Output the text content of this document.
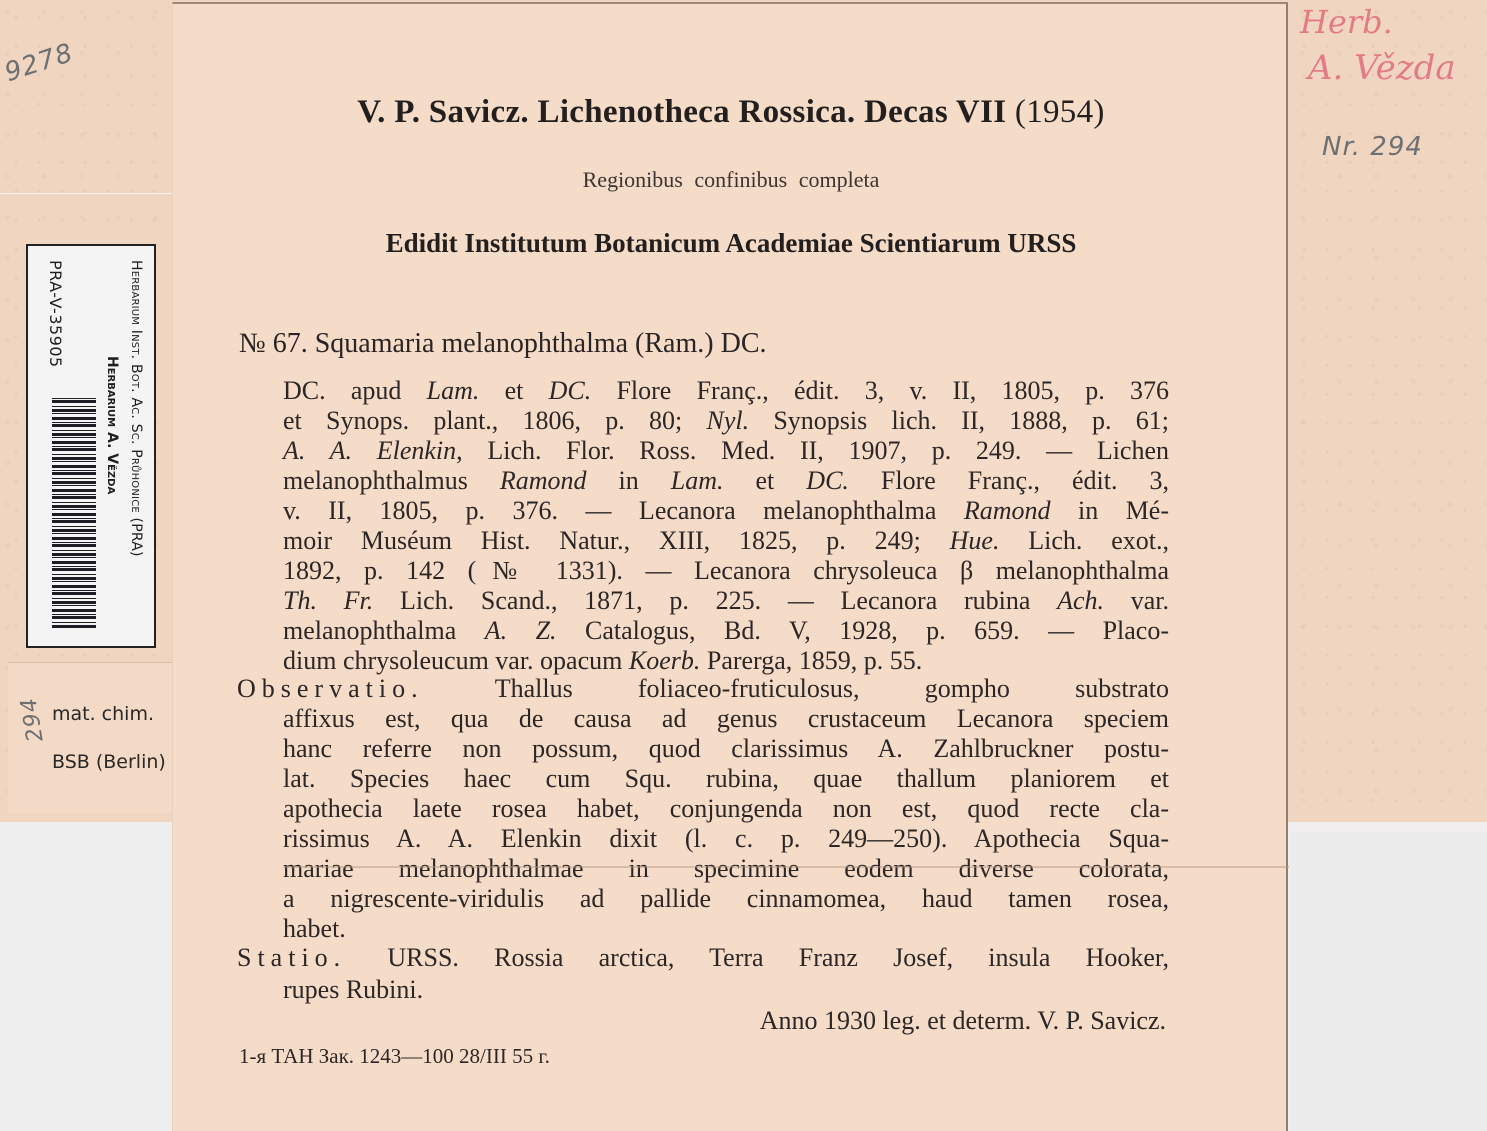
9278
Herb.
A. Vězda
Nr. 294
Herbarium Inst. Bot. Ac. Sc. Průhonice (PRA)
Herbarium A. Vězda
PRA-V-35905
294 mat. chim.
BSB (Berlin)
V. P. Savicz. Lichenotheca Rossica. Decas VII (1954)
Regionibus confinibus completa
Edidit Institutum Botanicum Academiae Scientiarum URSS
№ 67. Squamaria melanophthalma (Ram.) DC.
DC. apud Lam. et DC. Flore Franç., édit. 3, v. II, 1805, p. 376
et Synops. plant., 1806, p. 80; Nyl. Synopsis lich. II, 1888, p. 61;
A. A. Elenkin, Lich. Flor. Ross. Med. II, 1907, p. 249. — Lichen
melanophthalmus Ramond in Lam. et DC. Flore Franç., édit. 3,
v. II, 1805, p. 376. — Lecanora melanophthalma Ramond in Mé-
moir Muséum Hist. Natur., XIII, 1825, p. 249; Hue. Lich. exot.,
1892, p. 142 (№ 1331). — Lecanora chrysoleuca β melanophthalma
Th. Fr. Lich. Scand., 1871, p. 225. — Lecanora rubina Ach. var.
melanophthalma A. Z. Catalogus, Bd. V, 1928, p. 659. — Placo-
dium chrysoleucum var. opacum Koerb. Parerga, 1859, p. 55.
Observatio. Thallus foliaceo-fruticulosus, gompho substrato
affixus est, qua de causa ad genus crustaceum Lecanora speciem
hanc referre non possum, quod clarissimus A. Zahlbruckner postu-
lat. Species haec cum Squ. rubina, quae thallum planiorem et
apothecia laete rosea habet, conjungenda non est, quod recte cla-
rissimus A. A. Elenkin dixit (l. c. p. 249—250). Apothecia Squa-
mariae melanophthalmae in specimine eodem diverse colorata,
a nigrescente-viridulis ad pallide cinnamomea, haud tamen rosea,
habet.
Statio. URSS. Rossia arctica, Terra Franz Josef, insula Hooker,
rupes Rubini.
Anno 1930 leg. et determ. V. P. Savicz.
1-я ТАН Зак. 1243—100 28/III 55 г.
